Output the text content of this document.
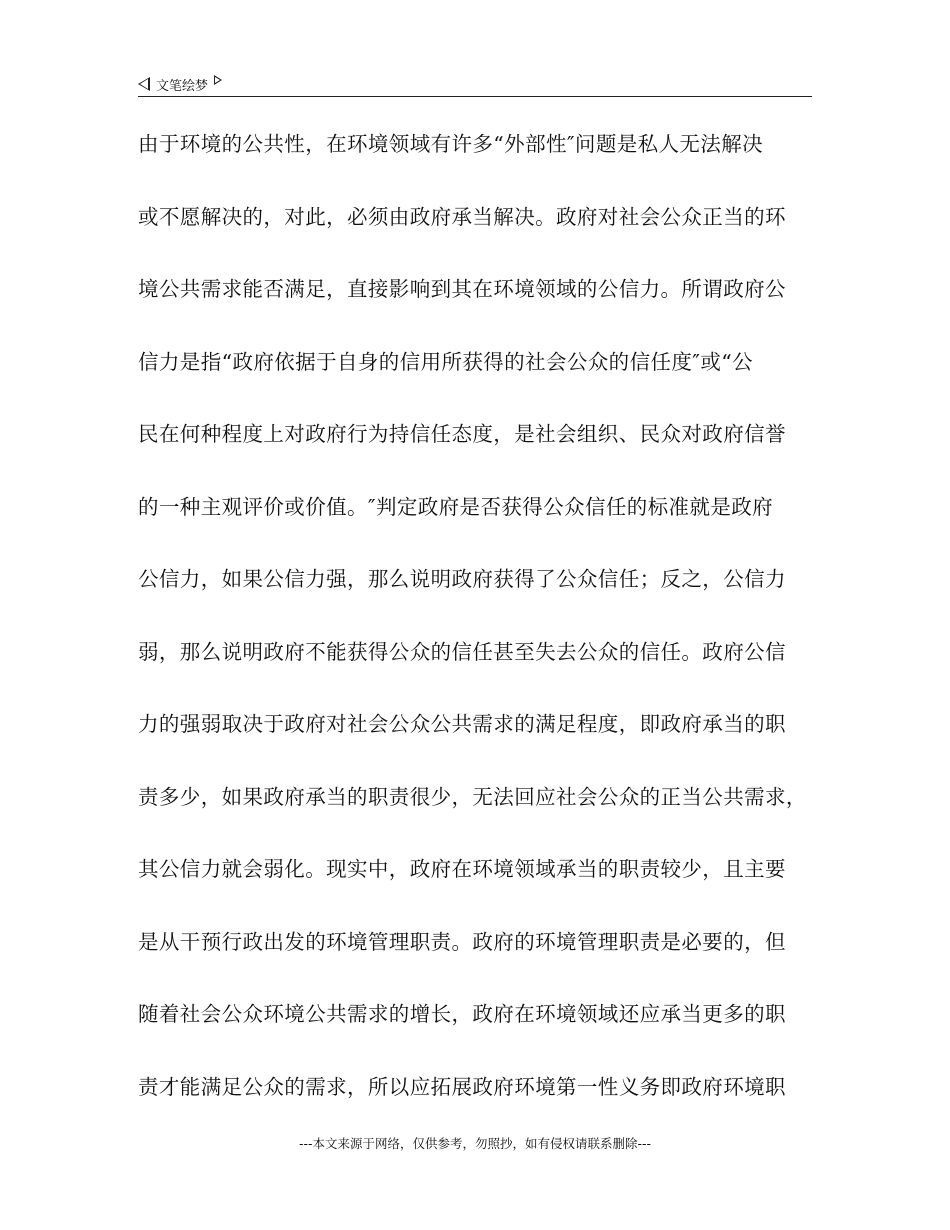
文笔绘梦
由于环境的公共性，在环境领域有许多“外部性″问题是私人无法解决
或不愿解决的，对此，必须由政府承当解决。政府对社会公众正当的环
境公共需求能否满足，直接影响到其在环境领域的公信力。所谓政府公
信力是指“政府依据于自身的信用所获得的社会公众的信任度″或“公
民在何种程度上对政府行为持信任态度，是社会组织、民众对政府信誉
的一种主观评价或价值。″判定政府是否获得公众信任的标准就是政府
公信力，如果公信力强，那么说明政府获得了公众信任；反之，公信力
弱，那么说明政府不能获得公众的信任甚至失去公众的信任。政府公信
力的强弱取决于政府对社会公众公共需求的满足程度，即政府承当的职
责多少，如果政府承当的职责很少，无法回应社会公众的正当公共需求，
其公信力就会弱化。现实中，政府在环境领域承当的职责较少，且主要
是从干预行政出发的环境管理职责。政府的环境管理职责是必要的，但
随着社会公众环境公共需求的增长，政府在环境领域还应承当更多的职
责才能满足公众的需求，所以应拓展政府环境第一性义务即政府环境职
---本文来源于网络，仅供参考，勿照抄，如有侵权请联系删除---
